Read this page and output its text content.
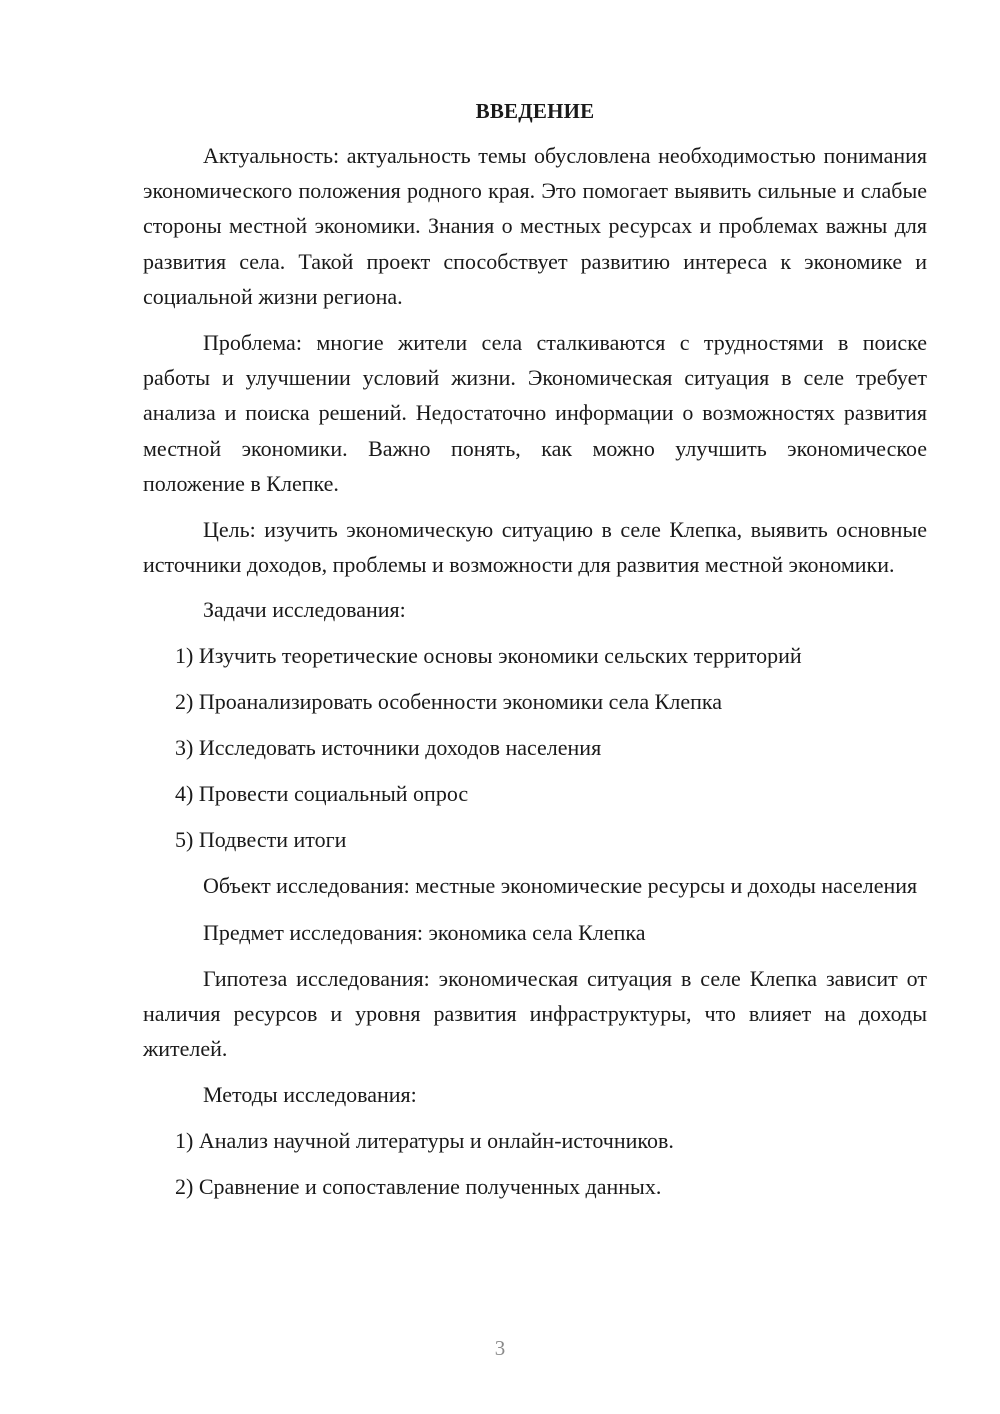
ВВЕДЕНИЕ

Актуальность: актуальность темы обусловлена необходимостью понимания экономического положения родного края. Это помогает выявить сильные и слабые стороны местной экономики. Знания о местных ресурсах и проблемах важны для развития села. Такой проект способствует развитию интереса к экономике и социальной жизни региона.

Проблема: многие жители села сталкиваются с трудностями в поиске работы и улучшении условий жизни. Экономическая ситуация в селе требует анализа и поиска решений. Недостаточно информации о возможностях развития местной экономики. Важно понять, как можно улучшить экономическое положение в Клепке.

Цель: изучить экономическую ситуацию в селе Клепка, выявить основные источники доходов, проблемы и возможности для развития местной экономики.

Задачи исследования:

1) Изучить теоретические основы экономики сельских территорий

2) Проанализировать особенности экономики села Клепка

3) Исследовать источники доходов населения

4) Провести социальный опрос

5) Подвести итоги

Объект исследования: местные экономические ресурсы и доходы населения

Предмет исследования: экономика села Клепка

Гипотеза исследования: экономическая ситуация в селе Клепка зависит от наличия ресурсов и уровня развития инфраструктуры, что влияет на доходы жителей.

Методы исследования:

1) Анализ научной литературы и онлайн-источников.

2) Сравнение и сопоставление полученных данных.

3
